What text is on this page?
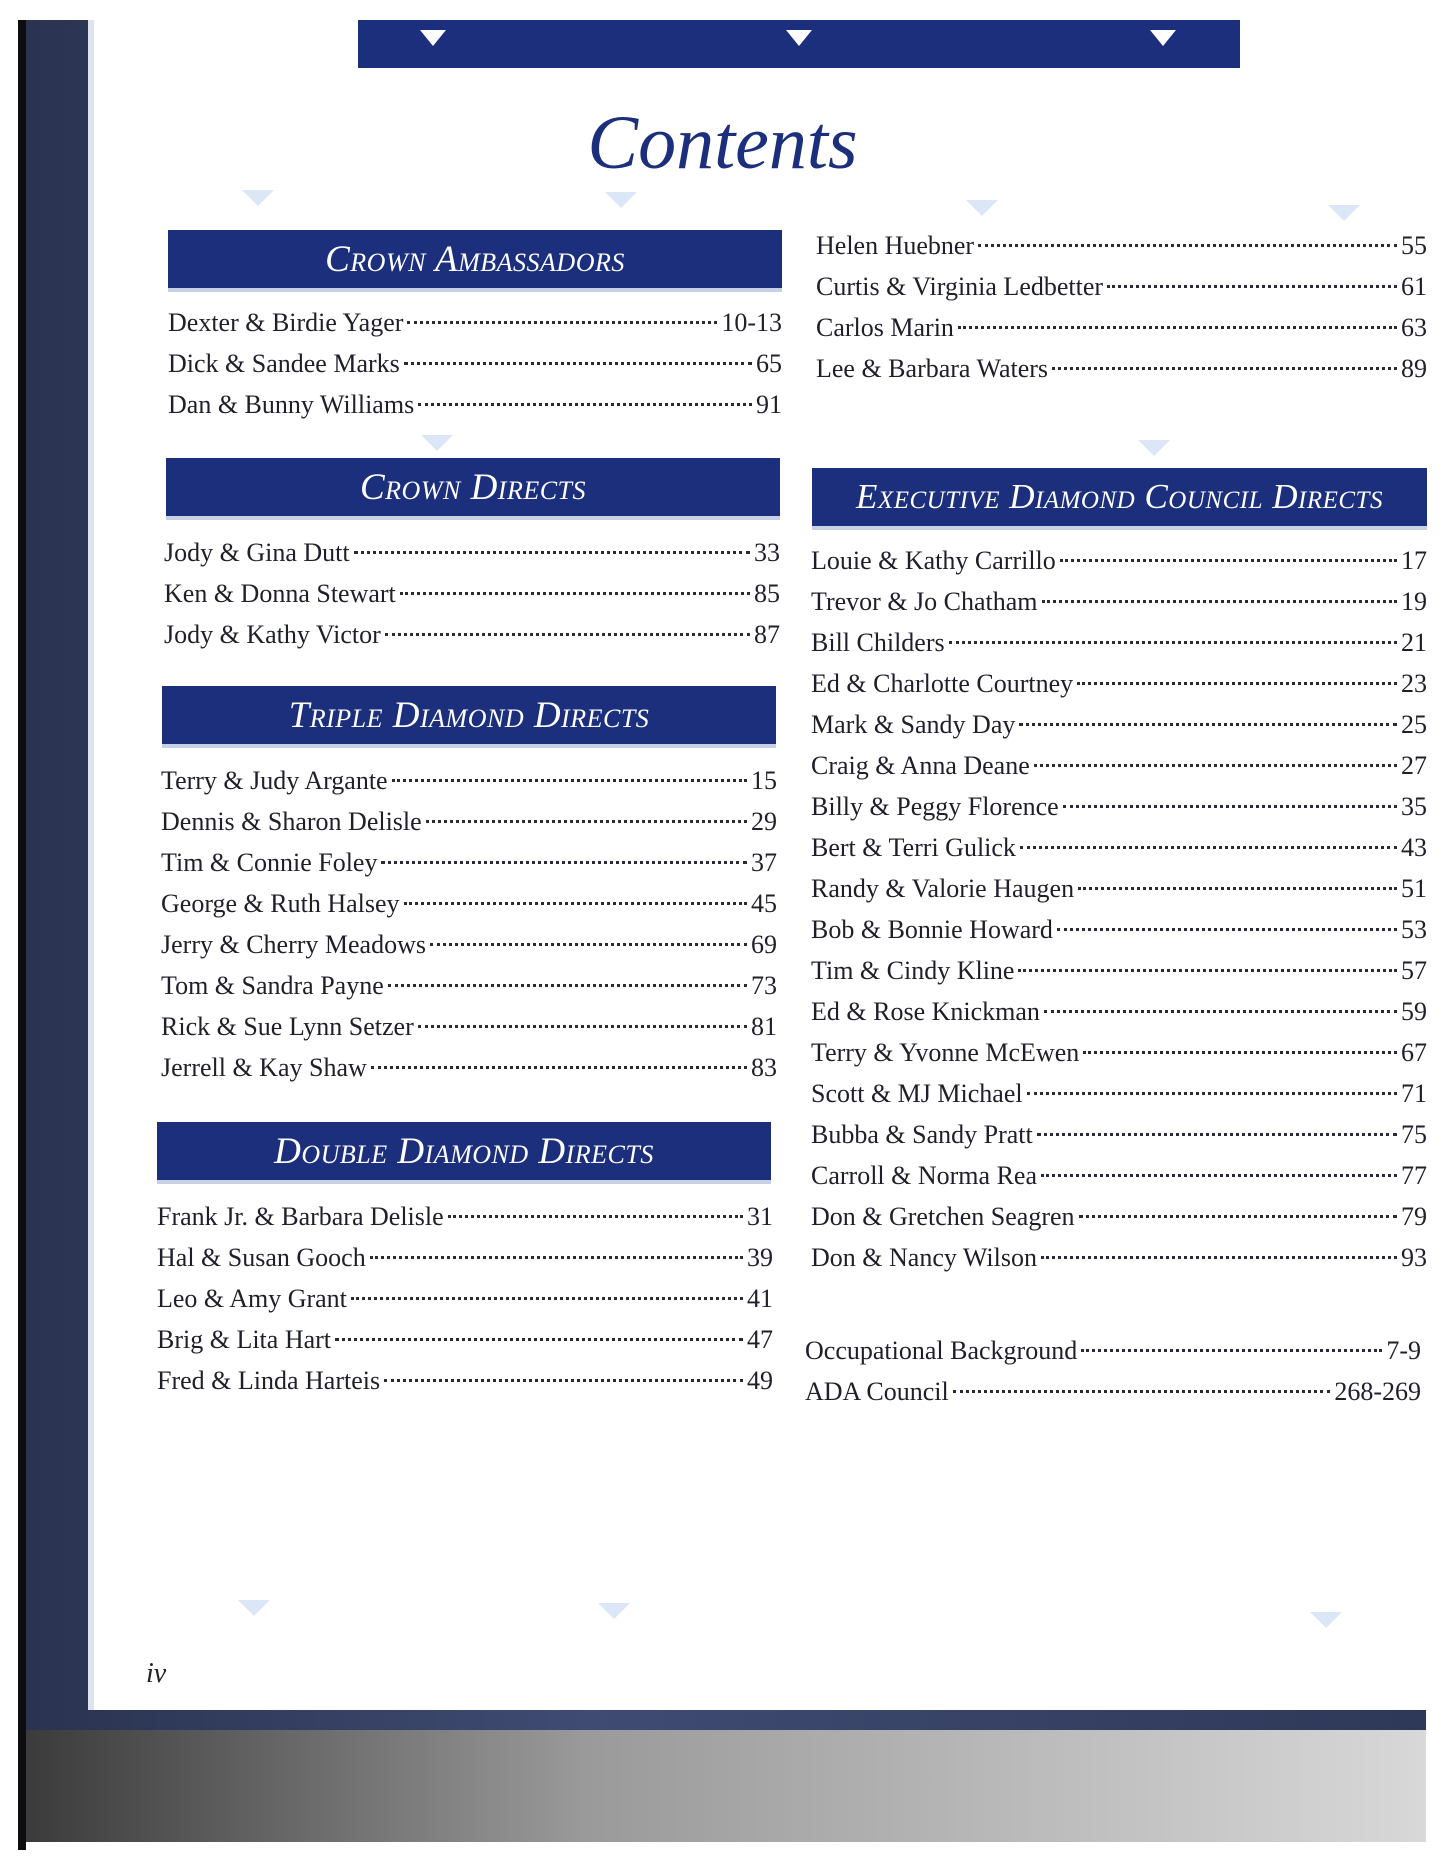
Contents
Crown Ambassadors
Dexter & Birdie Yager	10-13
Dick & Sandee Marks	65
Dan & Bunny Williams	91
Crown Directs
Jody & Gina Dutt	33
Ken & Donna Stewart	85
Jody & Kathy Victor	87
Triple Diamond Directs
Terry & Judy Argante	15
Dennis & Sharon Delisle	29
Tim & Connie Foley	37
George & Ruth Halsey	45
Jerry & Cherry Meadows	69
Tom & Sandra Payne	73
Rick & Sue Lynn Setzer	81
Jerrell & Kay Shaw	83
Double Diamond Directs
Frank Jr. & Barbara Delisle	31
Hal & Susan Gooch	39
Leo & Amy Grant	41
Brig & Lita Hart	47
Fred & Linda Harteis	49
Helen Huebner	55
Curtis & Virginia Ledbetter	61
Carlos Marin	63
Lee & Barbara Waters	89
Executive Diamond Council Directs
Louie & Kathy Carrillo	17
Trevor & Jo Chatham	19
Bill Childers	21
Ed & Charlotte Courtney	23
Mark & Sandy Day	25
Craig & Anna Deane	27
Billy & Peggy Florence	35
Bert & Terri Gulick	43
Randy & Valorie Haugen	51
Bob & Bonnie Howard	53
Tim & Cindy Kline	57
Ed & Rose Knickman	59
Terry & Yvonne McEwen	67
Scott & MJ Michael	71
Bubba & Sandy Pratt	75
Carroll & Norma Rea	77
Don & Gretchen Seagren	79
Don & Nancy Wilson	93
Occupational Background	7-9
ADA Council	268-269
iv
